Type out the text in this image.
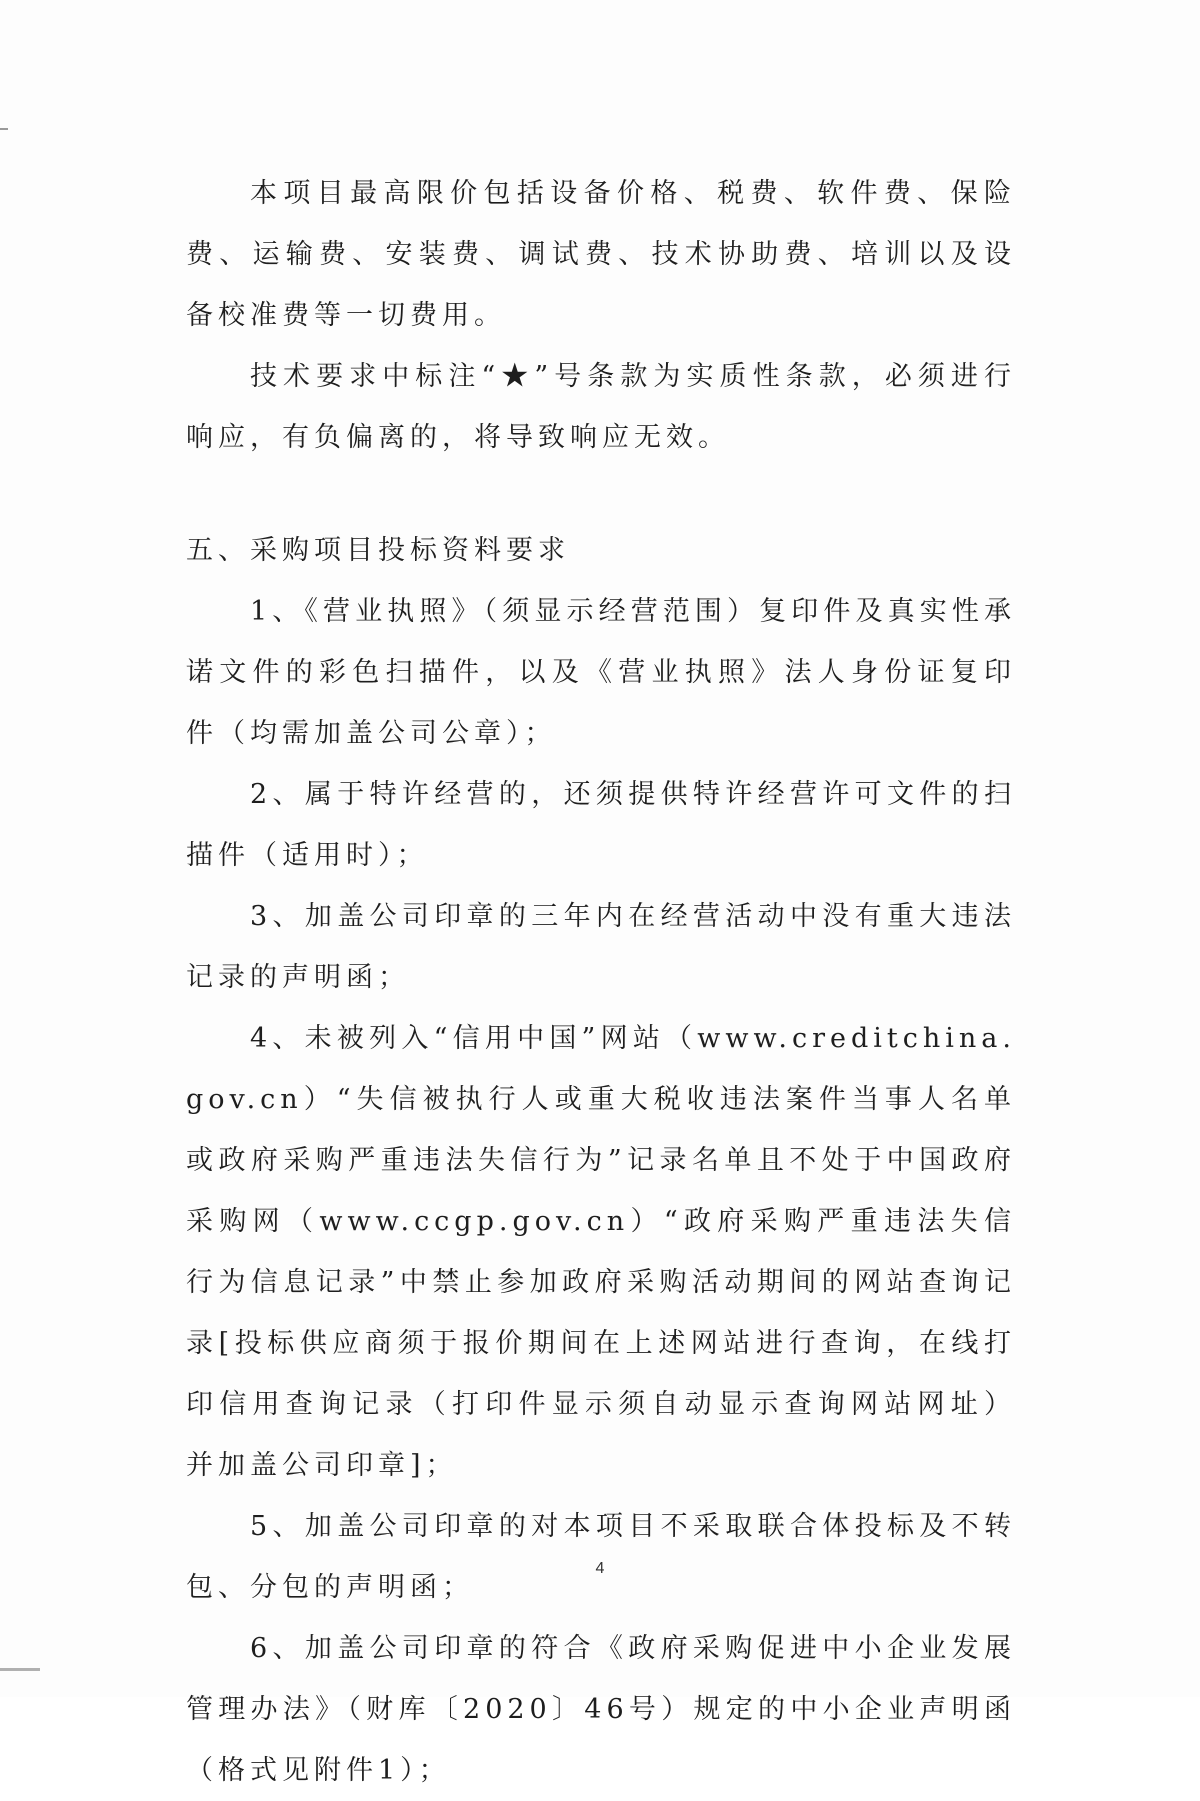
本项目最高限价包括设备价格、税费、软件费、保险费、运输费、安装费、调试费、技术协助费、培训以及设备校准费等一切费用。

技术要求中标注“★”号条款为实质性条款，必须进行响应，有负偏离的，将导致响应无效。

五、采购项目投标资料要求

1、《营业执照》（须显示经营范围）复印件及真实性承诺文件的彩色扫描件，以及《营业执照》法人身份证复印件（均需加盖公司公章）；

2、属于特许经营的，还须提供特许经营许可文件的扫描件（适用时）；

3、加盖公司印章的三年内在经营活动中没有重大违法记录的声明函；

4、未被列入“信用中国”网站（www.creditchina.gov.cn）“失信被执行人或重大税收违法案件当事人名单或政府采购严重违法失信行为”记录名单且不处于中国政府采购网（www.ccgp.gov.cn）“政府采购严重违法失信行为信息记录”中禁止参加政府采购活动期间的网站查询记录[投标供应商须于报价期间在上述网站进行查询，在线打印信用查询记录（打印件显示须自动显示查询网站网址）并加盖公司印章]；

5、加盖公司印章的对本项目不采取联合体投标及不转包、分包的声明函；

6、加盖公司印章的符合《政府采购促进中小企业发展管理办法》（财库〔2020〕46号）规定的中小企业声明函（格式见附件1）；

4
